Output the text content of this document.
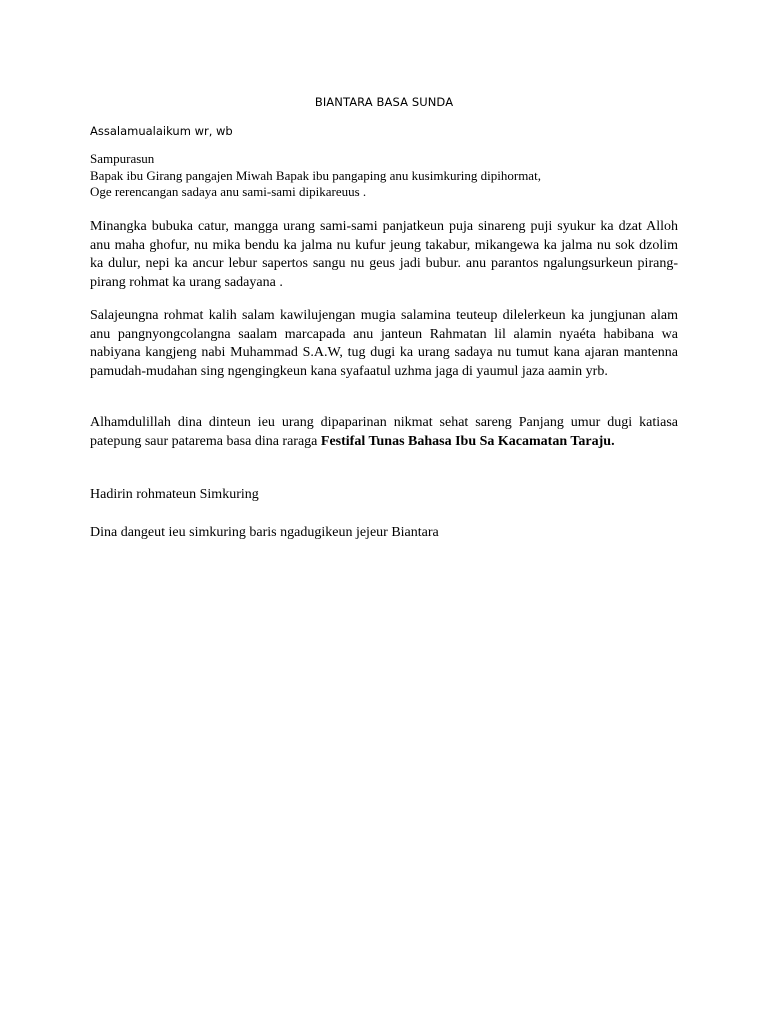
BIANTARA BASA SUNDA
Assalamualaikum wr, wb
Sampurasun
Bapak ibu Girang pangajen Miwah Bapak ibu pangaping anu kusimkuring dipihormat,
Oge rerencangan sadaya anu sami-sami dipikareuus .

Minangka bubuka catur, mangga urang sami-sami panjatkeun puja sinareng puji syukur ka dzat Alloh anu maha ghofur, nu mika bendu ka jalma nu kufur jeung takabur, mikangewa ka jalma nu sok dzolim ka dulur, nepi ka ancur lebur sapertos sangu nu geus jadi bubur. anu parantos ngalungsurkeun pirang-pirang rohmat ka urang sadayana .

Salajeungna rohmat kalih salam kawilujengan mugia salamina teuteup dilelerkeun ka jungjunan alam anu pangnyongcolangna saalam marcapada anu janteun Rahmatan lil alamin nyaéta habibana wa nabiyana kangjeng nabi Muhammad S.A.W, tug dugi ka urang sadaya nu tumut kana ajaran mantenna pamudah-mudahan sing ngengingkeun kana syafaatul uzhma jaga di yaumul jaza aamin yrb.

Alhamdulillah dina dinteun ieu urang dipaparinan nikmat sehat sareng Panjang umur dugi katiasa patepung saur patarema basa dina raraga Festifal Tunas Bahasa Ibu Sa Kacamatan Taraju.

Hadirin rohmateun Simkuring

Dina dangeut ieu simkuring baris ngadugikeun jejeur Biantara
